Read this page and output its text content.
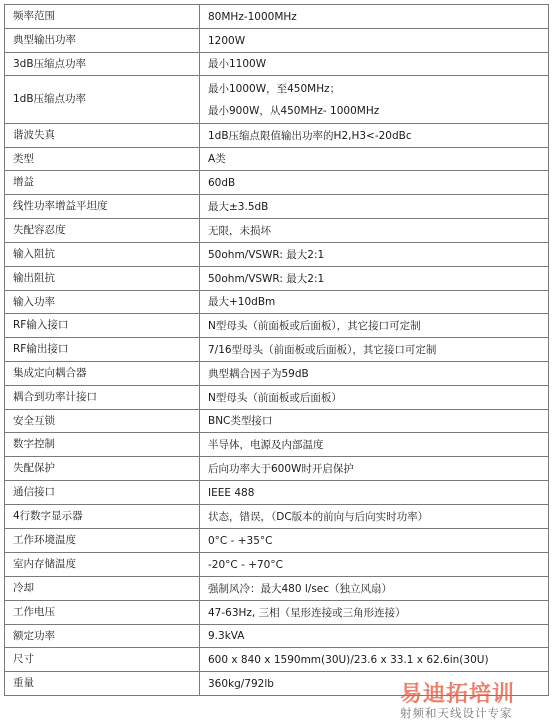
频率范围	80MHz-1000MHz

典型输出功率	1200W

3dB压缩点功率	最小1100W

1dB压缩点功率	最小1000W，至450MHz；
最小900W，从450MHz- 1000MHz

谐波失真	1dB压缩点限值输出功率的H2,H3<-20dBc

类型	A类

增益	60dB

线性功率增益平坦度	最大±3.5dB

失配容忍度	无限，未损坏

输入阻抗	50ohm/VSWR: 最大2:1

输出阻抗	50ohm/VSWR: 最大2:1

输入功率	最大+10dBm

RF输入接口	N型母头（前面板或后面板），其它接口可定制

RF输出接口	7/16型母头（前面板或后面板），其它接口可定制

集成定向耦合器	典型耦合因子为59dB

耦合到功率计接口	N型母头（前面板或后面板）

安全互锁	BNC类型接口

数字控制	半导体，电源及内部温度

失配保护	后向功率大于600W时开启保护

通信接口	IEEE 488

4行数字显示器	状态，错误，（DC版本的前向与后向实时功率）

工作环境温度	0°C - +35°C

室内存储温度	-20°C - +70°C

冷却	强制风冷：最大480 l/sec（独立风扇）

工作电压	47-63Hz, 三相（星形连接或三角形连接）

额定功率	9.3kVA

尺寸	600 x 840 x 1590mm(30U)/23.6 x 33.1 x 62.6in(30U)

重量	360kg/792lb	易迪拓培训
射频和天线设计专家
